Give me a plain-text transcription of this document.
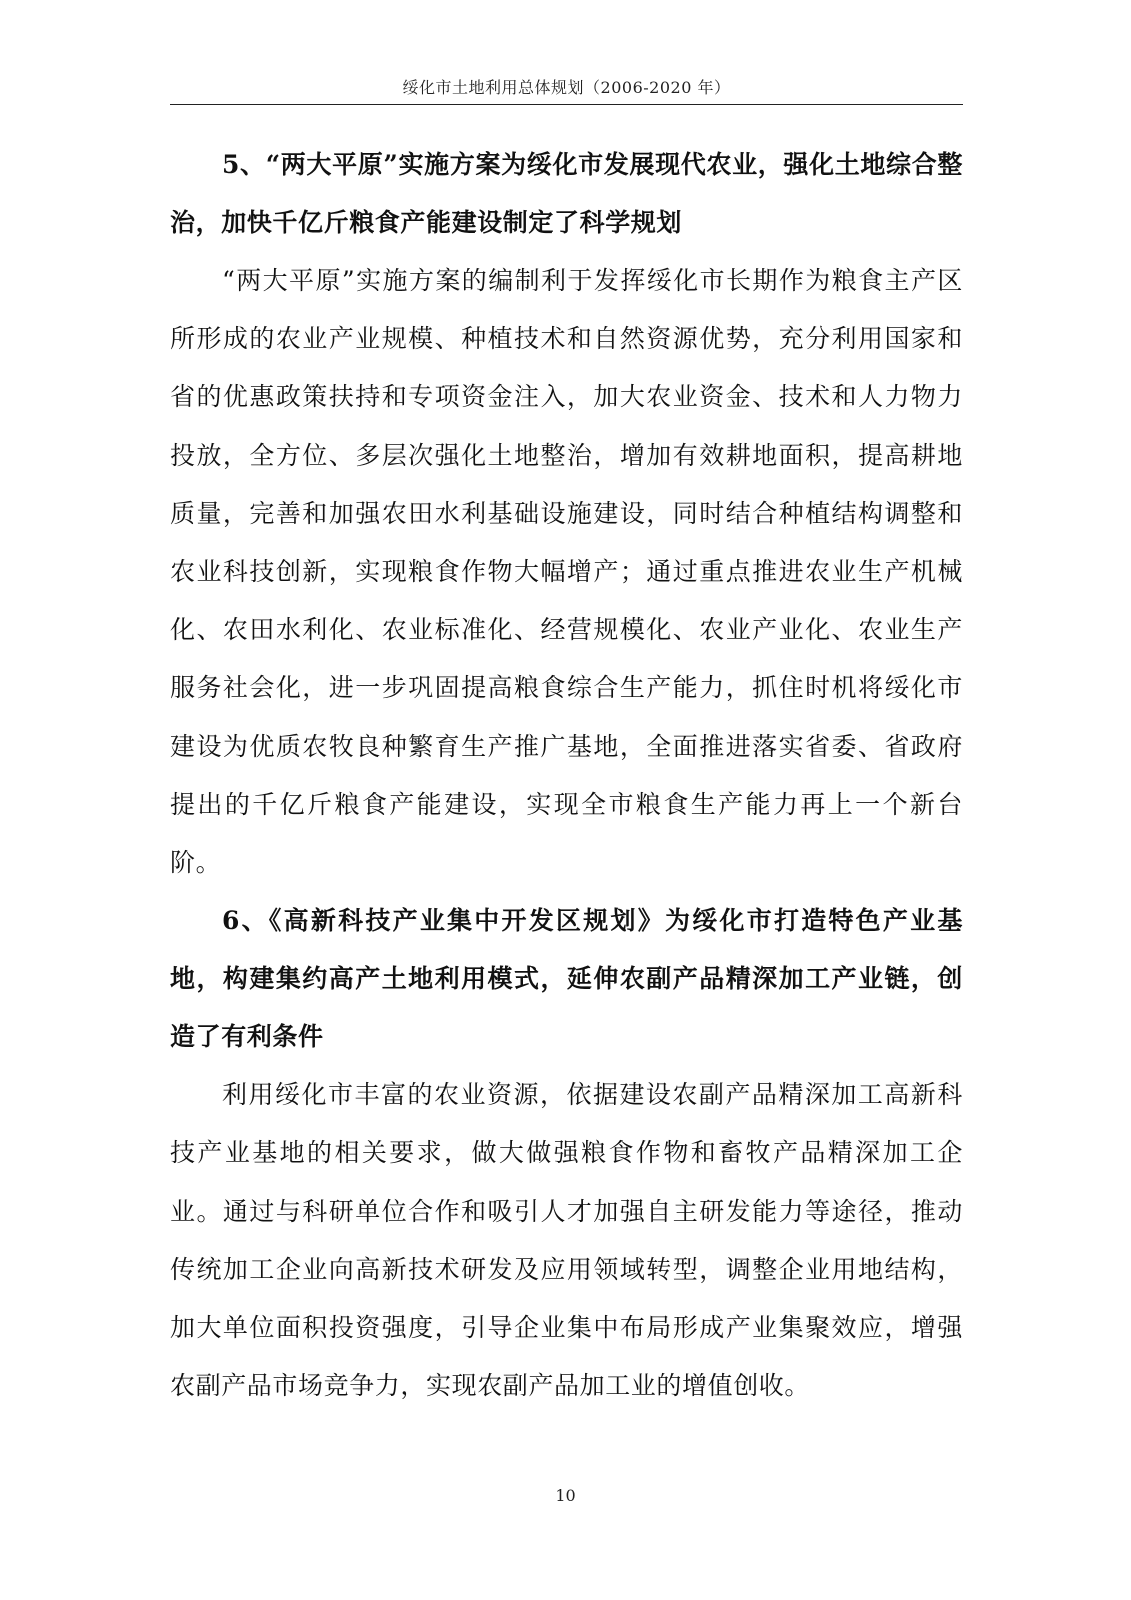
绥化市土地利用总体规划（2006-2020 年）

5、“两大平原”实施方案为绥化市发展现代农业，强化土地综合整治，加快千亿斤粮食产能建设制定了科学规划

“两大平原”实施方案的编制利于发挥绥化市长期作为粮食主产区所形成的农业产业规模、种植技术和自然资源优势，充分利用国家和省的优惠政策扶持和专项资金注入，加大农业资金、技术和人力物力投放，全方位、多层次强化土地整治，增加有效耕地面积，提高耕地质量，完善和加强农田水利基础设施建设，同时结合种植结构调整和农业科技创新，实现粮食作物大幅增产；通过重点推进农业生产机械化、农田水利化、农业标准化、经营规模化、农业产业化、农业生产服务社会化，进一步巩固提高粮食综合生产能力，抓住时机将绥化市建设为优质农牧良种繁育生产推广基地，全面推进落实省委、省政府提出的千亿斤粮食产能建设，实现全市粮食生产能力再上一个新台阶。

6、《高新科技产业集中开发区规划》为绥化市打造特色产业基地，构建集约高产土地利用模式，延伸农副产品精深加工产业链，创造了有利条件

利用绥化市丰富的农业资源，依据建设农副产品精深加工高新科技产业基地的相关要求，做大做强粮食作物和畜牧产品精深加工企业。通过与科研单位合作和吸引人才加强自主研发能力等途径，推动传统加工企业向高新技术研发及应用领域转型，调整企业用地结构，加大单位面积投资强度，引导企业集中布局形成产业集聚效应，增强农副产品市场竞争力，实现农副产品加工业的增值创收。

10
